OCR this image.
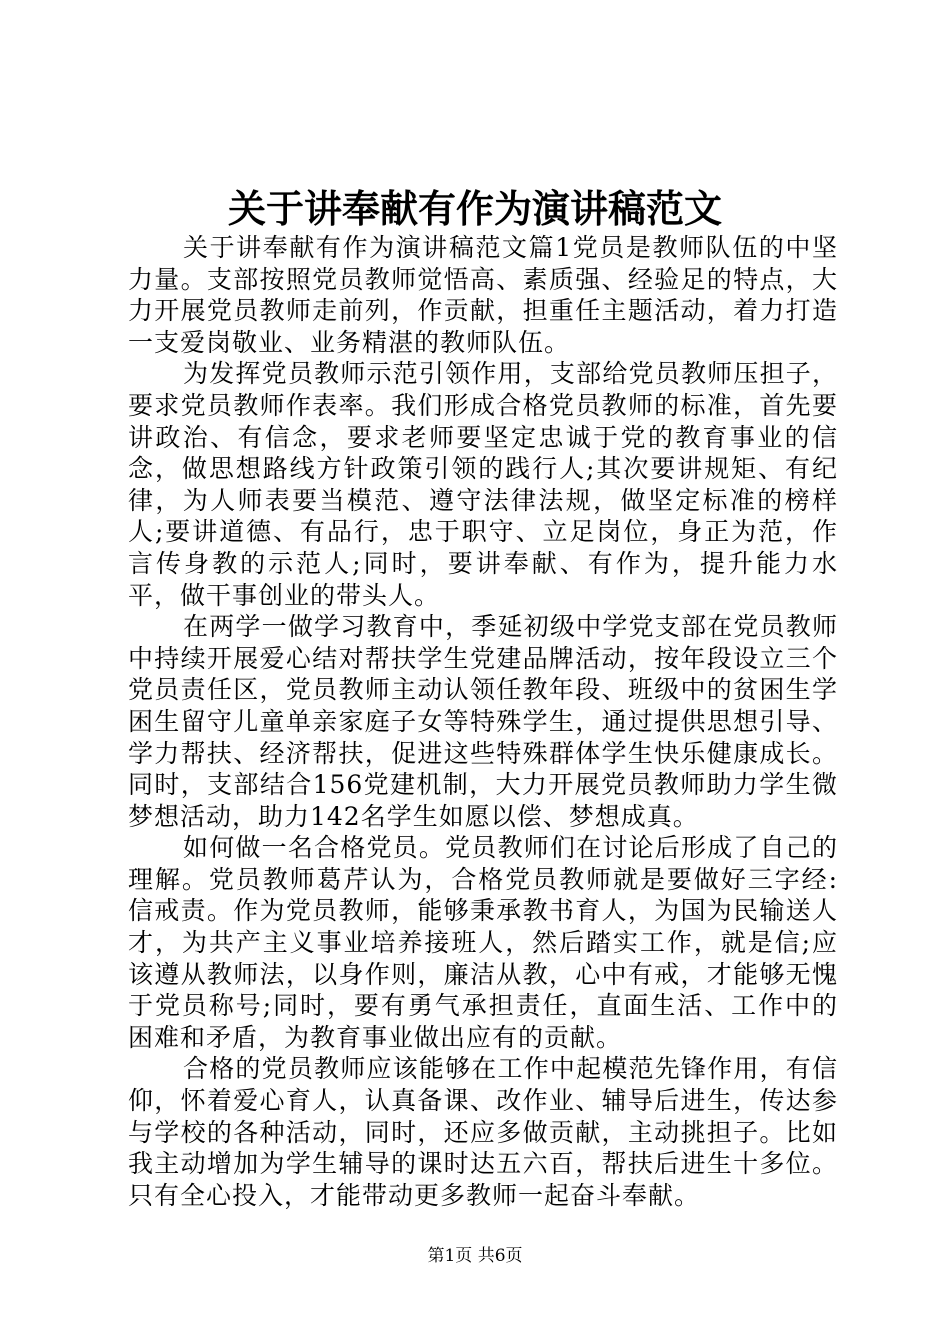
关于讲奉献有作为演讲稿范文

关于讲奉献有作为演讲稿范文篇1党员是教师队伍的中坚力量。支部按照党员教师觉悟高、素质强、经验足的特点，大力开展党员教师走前列，作贡献，担重任主题活动，着力打造一支爱岗敬业、业务精湛的教师队伍。

为发挥党员教师示范引领作用，支部给党员教师压担子，要求党员教师作表率。我们形成合格党员教师的标准，首先要讲政治、有信念，要求老师要坚定忠诚于党的教育事业的信念，做思想路线方针政策引领的践行人;其次要讲规矩、有纪律，为人师表要当模范、遵守法律法规，做坚定标准的榜样人;要讲道德、有品行，忠于职守、立足岗位，身正为范，作言传身教的示范人;同时，要讲奉献、有作为，提升能力水平，做干事创业的带头人。

在两学一做学习教育中，季延初级中学党支部在党员教师中持续开展爱心结对帮扶学生党建品牌活动，按年段设立三个党员责任区，党员教师主动认领任教年段、班级中的贫困生学困生留守儿童单亲家庭子女等特殊学生，通过提供思想引导、学力帮扶、经济帮扶，促进这些特殊群体学生快乐健康成长。同时，支部结合156党建机制，大力开展党员教师助力学生微梦想活动，助力142名学生如愿以偿、梦想成真。

如何做一名合格党员。党员教师们在讨论后形成了自己的理解。党员教师葛芹认为，合格党员教师就是要做好三字经:信戒责。作为党员教师，能够秉承教书育人，为国为民输送人才，为共产主义事业培养接班人，然后踏实工作，就是信;应该遵从教师法，以身作则，廉洁从教，心中有戒，才能够无愧于党员称号;同时，要有勇气承担责任，直面生活、工作中的困难和矛盾，为教育事业做出应有的贡献。

合格的党员教师应该能够在工作中起模范先锋作用，有信仰，怀着爱心育人，认真备课、改作业、辅导后进生，传达参与学校的各种活动，同时，还应多做贡献，主动挑担子。比如我主动增加为学生辅导的课时达五六百，帮扶后进生十多位。只有全心投入，才能带动更多教师一起奋斗奉献。

第1页 共6页
